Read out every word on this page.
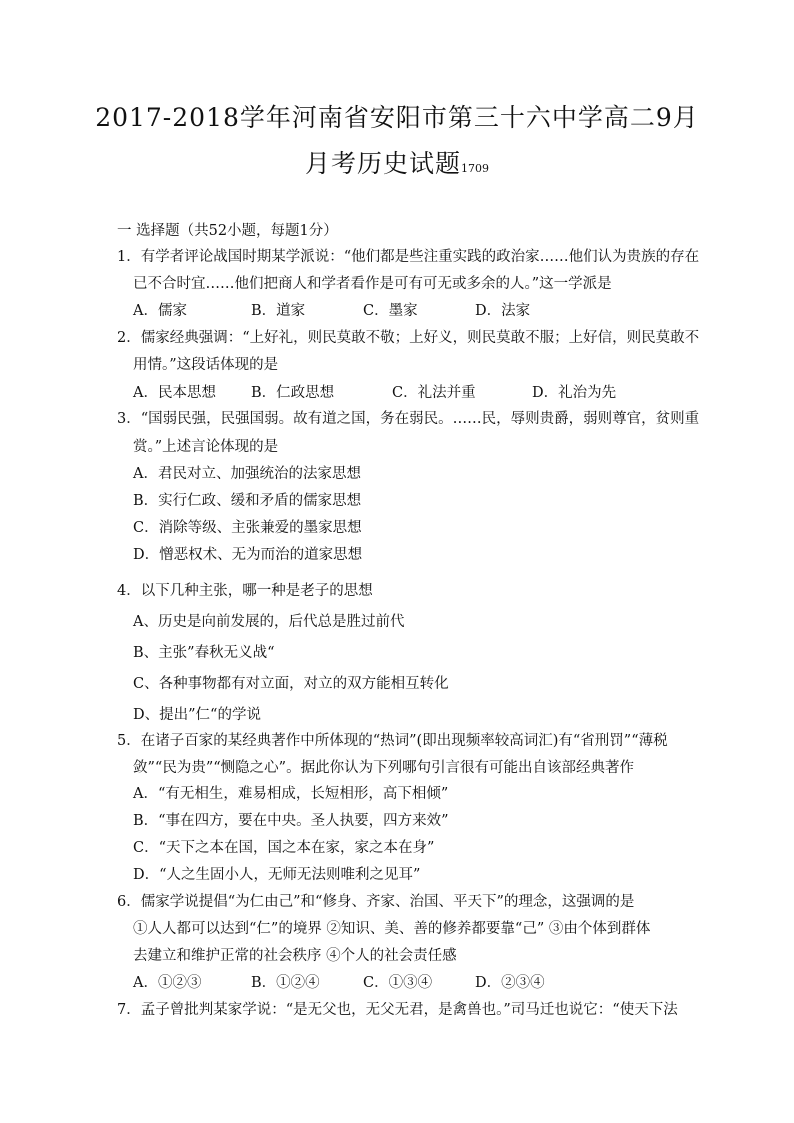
2017-2018学年河南省安阳市第三十六中学高二9月
月考历史试题1709
一 选择题（共52小题，每题1分）
1．有学者评论战国时期某学派说：“他们都是些注重实践的政治家……他们认为贵族的存在
已不合时宜……他们把商人和学者看作是可有可无或多余的人。”这一学派是
A．儒家	B．道家	C．墨家	D．法家
2．儒家经典强调：“上好礼，则民莫敢不敬；上好义，则民莫敢不服；上好信，则民莫敢不
用情。”这段话体现的是
A．民本思想 B．仁政思想	C．礼法并重	D．礼治为先
3．“国弱民强，民强国弱。故有道之国，务在弱民。……民，辱则贵爵，弱则尊官，贫则重
赏。”上述言论体现的是
A．君民对立、加强统治的法家思想
B．实行仁政、缓和矛盾的儒家思想
C．消除等级、主张兼爱的墨家思想
D．憎恶权术、无为而治的道家思想
4．以下几种主张，哪一种是老子的思想
A、历史是向前发展的，后代总是胜过前代
B、主张”春秋无义战“
C、各种事物都有对立面，对立的双方能相互转化
D、提出”仁“的学说
5．在诸子百家的某经典著作中所体现的“热词”(即出现频率较高词汇)有“省刑罚”“薄税
敛”“民为贵”“恻隐之心”。据此你认为下列哪句引言很有可能出自该部经典著作
A．“有无相生，难易相成，长短相形，高下相倾”
B．“事在四方，要在中央。圣人执要，四方来效”
C．“天下之本在国，国之本在家，家之本在身”
D．“人之生固小人，无师无法则唯利之见耳”
6．儒家学说提倡“为仁由己”和“修身、齐家、治国、平天下”的理念，这强调的是
①人人都可以达到“仁”的境界 ②知识、美、善的修养都要靠“己” ③由个体到群体
去建立和维护正常的社会秩序 ④个人的社会责任感
A．①②③	B．①②④	C．①③④	D．②③④
7．孟子曾批判某家学说：“是无父也，无父无君，是禽兽也。”司马迁也说它：“使天下法
